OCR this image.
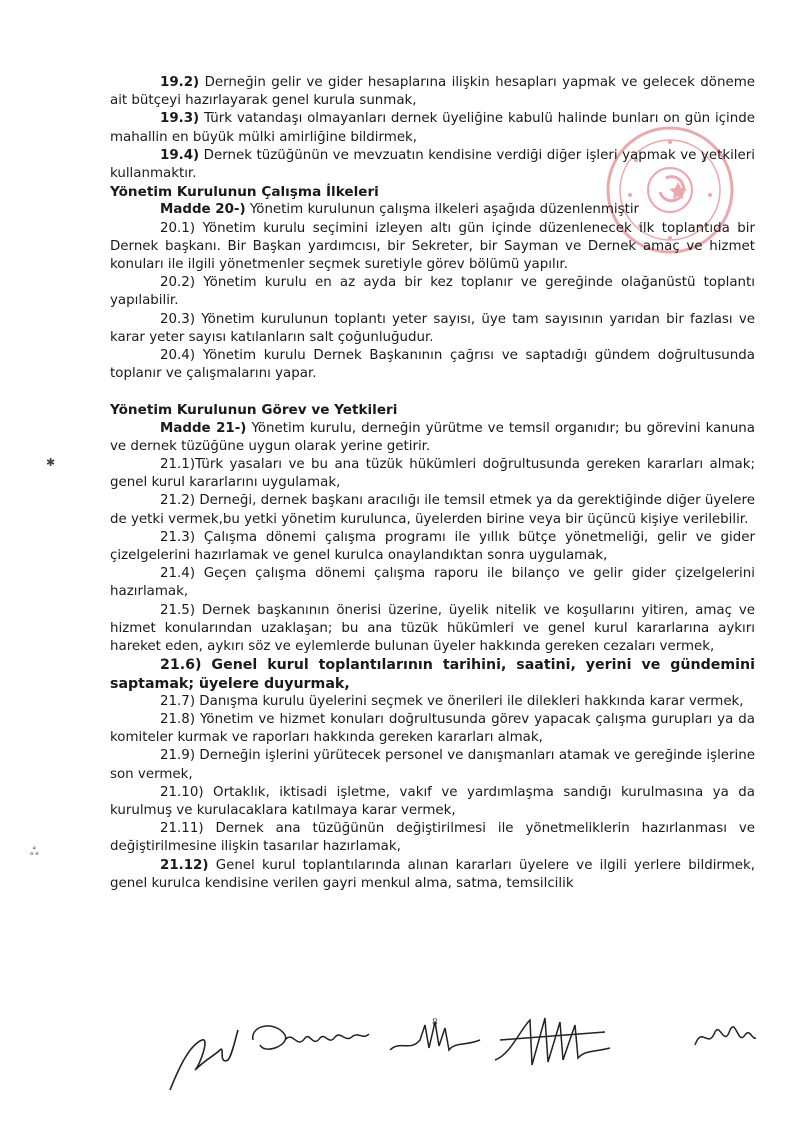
✱
ஃ

19.2) Derneğin gelir ve gider hesaplarına ilişkin hesapları yapmak ve gelecek döneme ait bütçeyi hazırlayarak genel kurula sunmak,

19.3) Türk vatandaşı olmayanları dernek üyeliğine kabulü halinde bunları on gün içinde mahallin en büyük mülki amirliğine bildirmek,

19.4) Dernek tüzüğünün ve mevzuatın kendisine verdiği diğer işleri yapmak ve yetkileri kullanmaktır.

Yönetim Kurulunun Çalışma İlkeleri

Madde 20-) Yönetim kurulunun çalışma ilkeleri aşağıda düzenlenmiştir

20.1) Yönetim kurulu seçimini izleyen altı gün içinde düzenlenecek ilk toplantıda bir Dernek başkanı. Bir Başkan yardımcısı, bir Sekreter, bir Sayman ve Dernek amaç ve hizmet konuları ile ilgili yönetmenler seçmek suretiyle görev bölümü yapılır.

20.2) Yönetim kurulu en az ayda bir kez toplanır ve gereğinde olağanüstü toplantı yapılabilir.

20.3) Yönetim kurulunun toplantı yeter sayısı, üye tam sayısının yarıdan bir fazlası ve karar yeter sayısı katılanların salt çoğunluğudur.

20.4) Yönetim kurulu Dernek Başkanının çağrısı ve saptadığı gündem doğrultusunda toplanır ve çalışmalarını yapar.

Yönetim Kurulunun Görev ve Yetkileri

Madde 21-) Yönetim kurulu, derneğin yürütme ve temsil organıdır; bu görevini kanuna ve dernek tüzüğüne uygun olarak yerine getirir.

21.1)Türk yasaları ve bu ana tüzük hükümleri doğrultusunda gereken kararları almak; genel kurul kararlarını uygulamak,

21.2) Derneği, dernek başkanı aracılığı ile temsil etmek ya da gerektiğinde diğer üyelere de yetki vermek,bu yetki yönetim kurulunca, üyelerden birine veya bir üçüncü kişiye verilebilir.

21.3) Çalışma dönemi çalışma programı ile yıllık bütçe yönetmeliği, gelir ve gider çizelgelerini hazırlamak ve genel kurulca onaylandıktan sonra uygulamak,

21.4) Geçen çalışma dönemi çalışma raporu ile bilanço ve gelir gider çizelgelerini hazırlamak,

21.5) Dernek başkanının önerisi üzerine, üyelik nitelik ve koşullarını yitiren, amaç ve hizmet konularından uzaklaşan; bu ana tüzük hükümleri ve genel kurul kararlarına aykırı hareket eden, aykırı söz ve eylemlerde bulunan üyeler hakkında gereken cezaları vermek,

21.6) Genel kurul toplantılarının tarihini, saatini, yerini ve gündemini saptamak; üyelere duyurmak,

21.7) Danışma kurulu üyelerini seçmek ve önerileri ile dilekleri hakkında karar vermek,

21.8) Yönetim ve hizmet konuları doğrultusunda görev yapacak çalışma gurupları ya da komiteler kurmak ve raporları hakkında gereken kararları almak,

21.9) Derneğin işlerini yürütecek personel ve danışmanları atamak ve gereğinde işlerine son vermek,

21.10) Ortaklık, iktisadi işletme, vakıf ve yardımlaşma sandığı kurulmasına ya da kurulmuş ve kurulacaklara katılmaya karar vermek,

21.11) Dernek ana tüzüğünün değiştirilmesi ile yönetmeliklerin hazırlanması ve değiştirilmesine ilişkin tasarılar hazırlamak,

21.12) Genel kurul toplantılarında alınan kararları üyelere ve ilgili yerlere bildirmek, genel kurulca kendisine verilen gayri menkul alma, satma, temsilcilik

8
